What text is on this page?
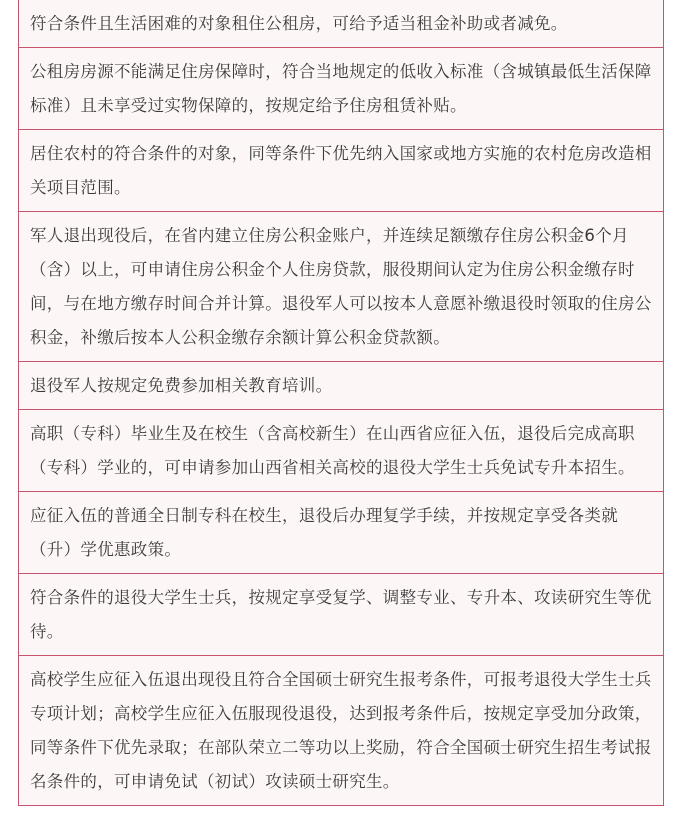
符合条件且生活困难的对象租住公租房，可给予适当租金补助或者减免。

公租房房源不能满足住房保障时，符合当地规定的低收入标准（含城镇最低生活保障标准）且未享受过实物保障的，按规定给予住房租赁补贴。

居住农村的符合条件的对象，同等条件下优先纳入国家或地方实施的农村危房改造相关项目范围。

军人退出现役后，在省内建立住房公积金账户，并连续足额缴存住房公积金6个月（含）以上，可申请住房公积金个人住房贷款，服役期间认定为住房公积金缴存时间，与在地方缴存时间合并计算。退役军人可以按本人意愿补缴退役时领取的住房公积金，补缴后按本人公积金缴存余额计算公积金贷款额。

退役军人按规定免费参加相关教育培训。

高职（专科）毕业生及在校生（含高校新生）在山西省应征入伍，退役后完成高职（专科）学业的，可申请参加山西省相关高校的退役大学生士兵免试专升本招生。

应征入伍的普通全日制专科在校生，退役后办理复学手续，并按规定享受各类就（升）学优惠政策。

符合条件的退役大学生士兵，按规定享受复学、调整专业、专升本、攻读研究生等优待。

高校学生应征入伍退出现役且符合全国硕士研究生报考条件，可报考退役大学生士兵专项计划；高校学生应征入伍服现役退役，达到报考条件后，按规定享受加分政策，同等条件下优先录取；在部队荣立二等功以上奖励，符合全国硕士研究生招生考试报名条件的，可申请免试（初试）攻读硕士研究生。
